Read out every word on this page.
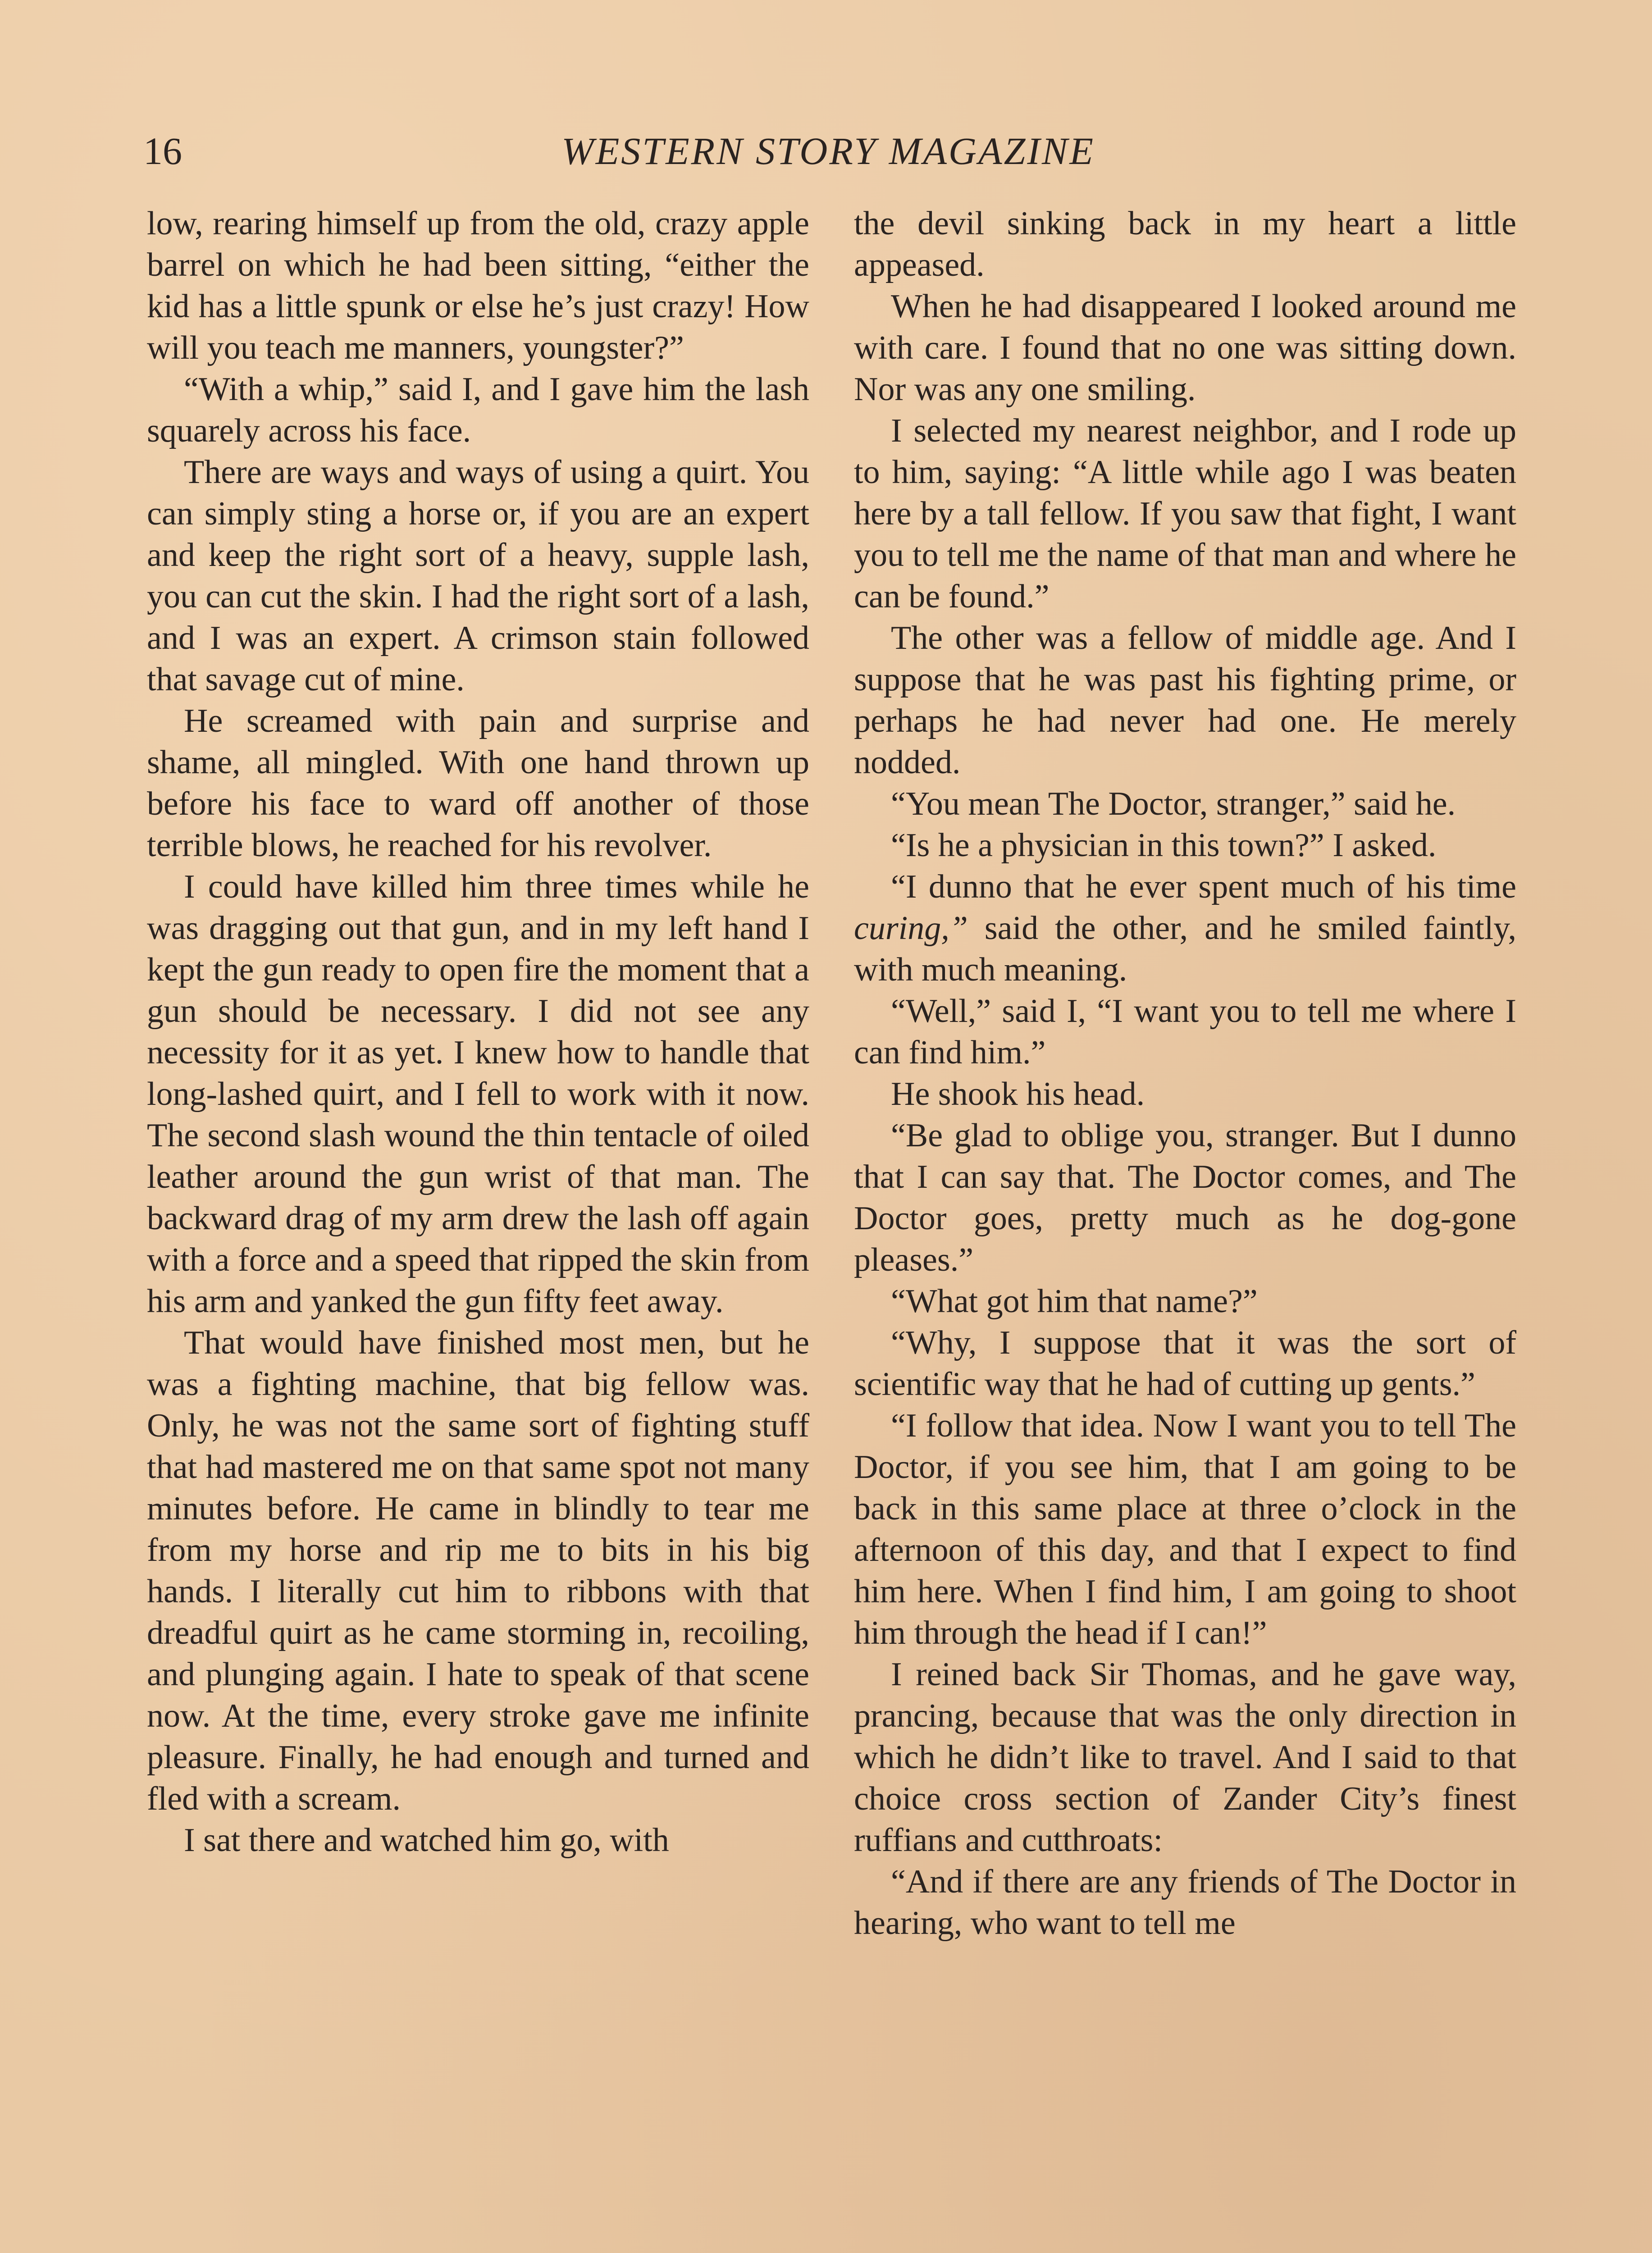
16	WESTERN STORY MAGAZINE

low, rearing himself up from the old, crazy apple barrel on which he had been sitting, “either the kid has a little spunk or else he’s just crazy! How will you teach me manners, youngster?”

“With a whip,” said I, and I gave him the lash squarely across his face.

There are ways and ways of using a quirt. You can simply sting a horse or, if you are an expert and keep the right sort of a heavy, supple lash, you can cut the skin. I had the right sort of a lash, and I was an expert. A crimson stain followed that savage cut of mine.

He screamed with pain and surprise and shame, all mingled. With one hand thrown up before his face to ward off another of those terrible blows, he reached for his revolver.

I could have killed him three times while he was dragging out that gun, and in my left hand I kept the gun ready to open fire the moment that a gun should be necessary. I did not see any necessity for it as yet. I knew how to handle that long-lashed quirt, and I fell to work with it now. The second slash wound the thin tentacle of oiled leather around the gun wrist of that man. The backward drag of my arm drew the lash off again with a force and a speed that ripped the skin from his arm and yanked the gun fifty feet away.

That would have finished most men, but he was a fighting machine, that big fellow was. Only, he was not the same sort of fighting stuff that had mastered me on that same spot not many minutes before. He came in blindly to tear me from my horse and rip me to bits in his big hands. I literally cut him to ribbons with that dreadful quirt as he came storming in, recoiling, and plunging again. I hate to speak of that scene now. At the time, every stroke gave me infinite pleasure. Finally, he had enough and turned and fled with a scream.

I sat there and watched him go, with

the devil sinking back in my heart a little appeased.

When he had disappeared I looked around me with care. I found that no one was sitting down. Nor was any one smiling.

I selected my nearest neighbor, and I rode up to him, saying: “A little while ago I was beaten here by a tall fellow. If you saw that fight, I want you to tell me the name of that man and where he can be found.”

The other was a fellow of middle age. And I suppose that he was past his fighting prime, or perhaps he had never had one. He merely nodded.

“You mean The Doctor, stranger,” said he.

“Is he a physician in this town?” I asked.

“I dunno that he ever spent much of his time curing,” said the other, and he smiled faintly, with much meaning.

“Well,” said I, “I want you to tell me where I can find him.”

He shook his head.

“Be glad to oblige you, stranger. But I dunno that I can say that. The Doctor comes, and The Doctor goes, pretty much as he dog-gone pleases.”

“What got him that name?”

“Why, I suppose that it was the sort of scientific way that he had of cutting up gents.”

“I follow that idea. Now I want you to tell The Doctor, if you see him, that I am going to be back in this same place at three o’clock in the afternoon of this day, and that I expect to find him here. When I find him, I am going to shoot him through the head if I can!”

I reined back Sir Thomas, and he gave way, prancing, because that was the only direction in which he didn’t like to travel. And I said to that choice cross section of Zander City’s finest ruffians and cutthroats:

“And if there are any friends of The Doctor in hearing, who want to tell me
